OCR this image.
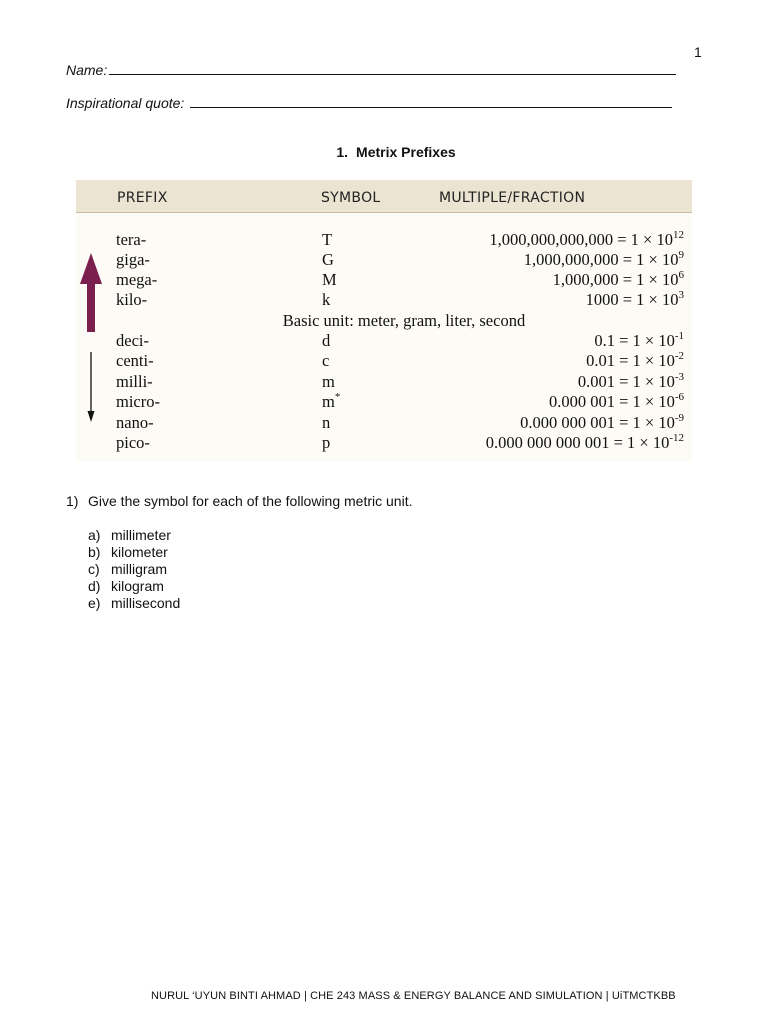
1
Name:
Inspirational quote:
1. Metrix Prefixes
PREFIX	SYMBOL	MULTIPLE/FRACTION
tera-	T	$1,000,000,000,000 = 1 \times 10^{12}$
giga-	G	$1,000,000,000 = 1 \times 10^9$
mega-	M	$1,000,000 = 1 \times 10^6$
kilo-	k	$1000 = 1 \times 10^3$
Basic unit: meter, gram, liter, second
deci-	d	$0.1 = 1 \times 10^{-1}$
centi-	c	$0.01 = 1 \times 10^{-2}$
milli-	m	$0.001 = 1 \times 10^{-3}$
micro-	m*	0.000 $001 = 1 \times 10^{-6}$
nano-	n	0.000 000 $001 = 1 \times 10^{-9}$
pico-	p	0.000 000 000 $001 = 1 \times 10^{-12}$
1) Give the symbol for each of the following metric unit.
a) millimeter
b) kilometer
c) milligram
d) kilogram
e) millisecond
NURUL ‘UYUN BINTI AHMAD | CHE 243 MASS & ENERGY BALANCE AND SIMULATION | UiTMCTKBB
